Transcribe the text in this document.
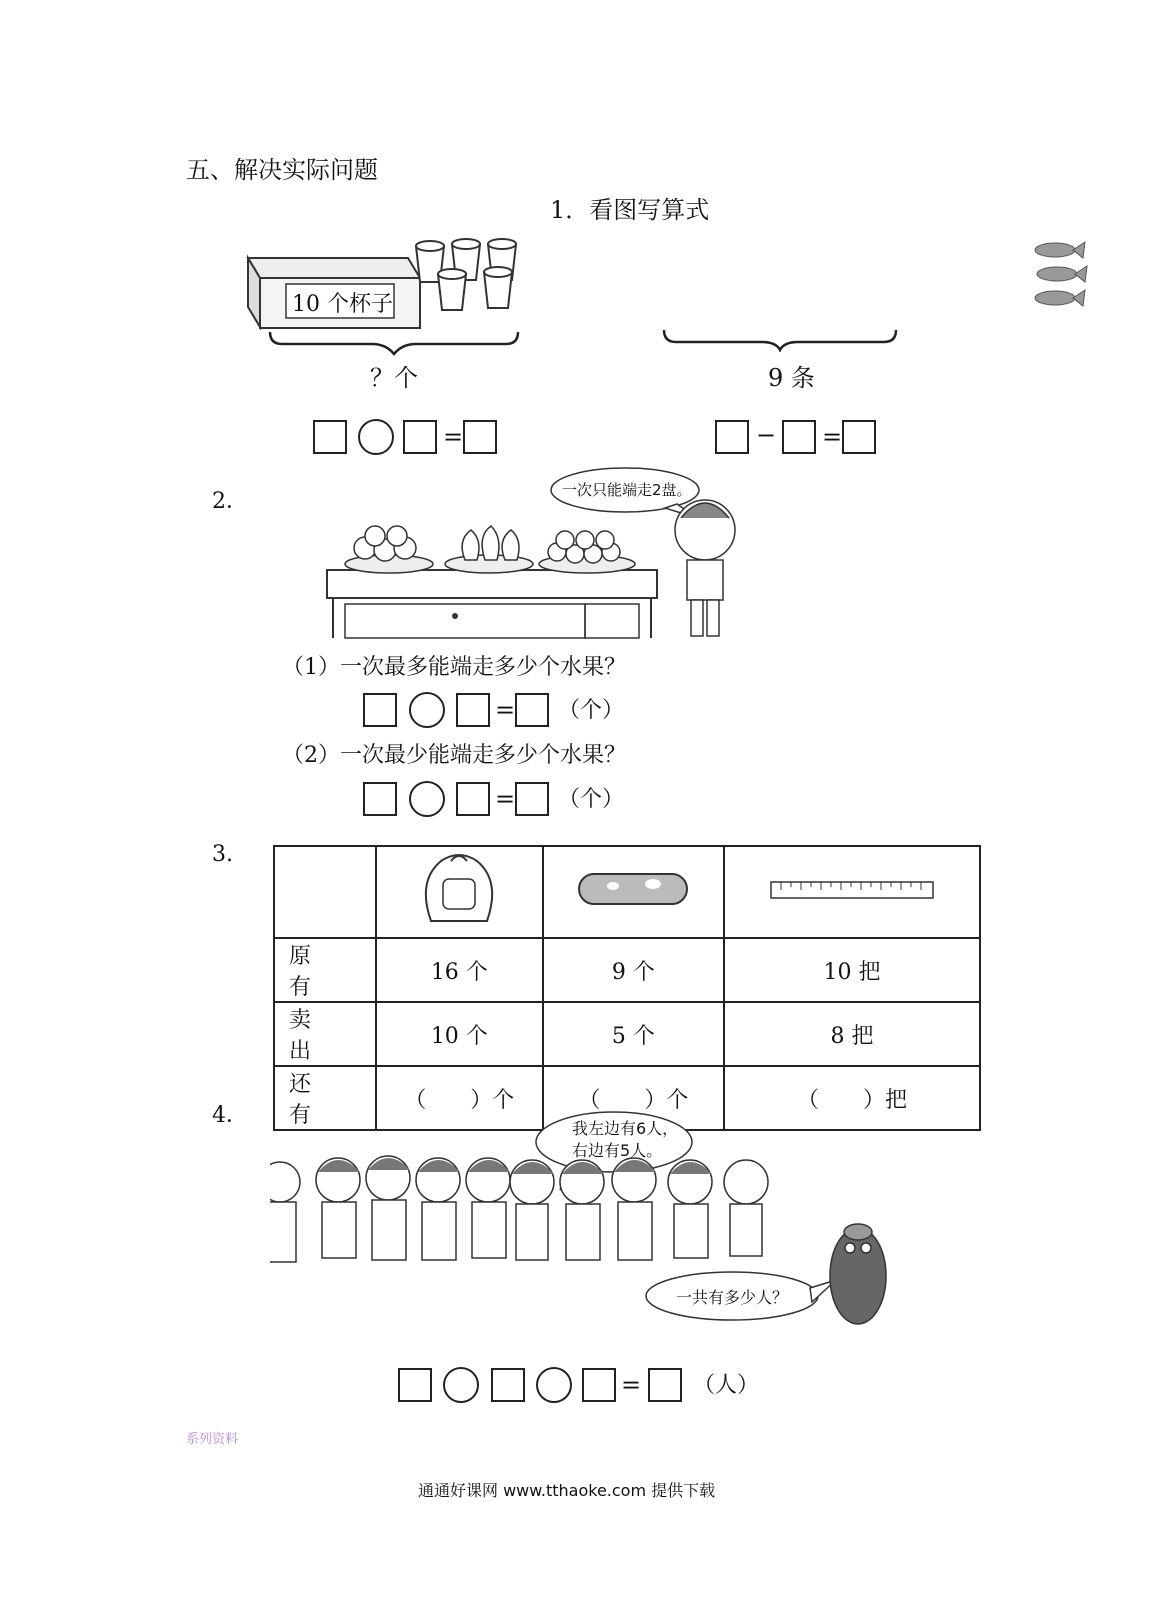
五、解决实际问题
1．看图写算式
10 个杯子
？个	9 条
=	− =
2．	一次只能端走2盘。
（1）一次最多能端走多少个水果？
= （个）
（2）一次最少能端走多少个水果？
= （个）
3.

原有	16 个	9 个	10 把
卖出	10 个	5 个	8 把
还有	（　　）个	（　　）个	（　　）把
4．
我左边有6人，
右边有5人。
一共有多少人？
= （人）
系列资料
通通好课网 www.tthaoke.com 提供下载
